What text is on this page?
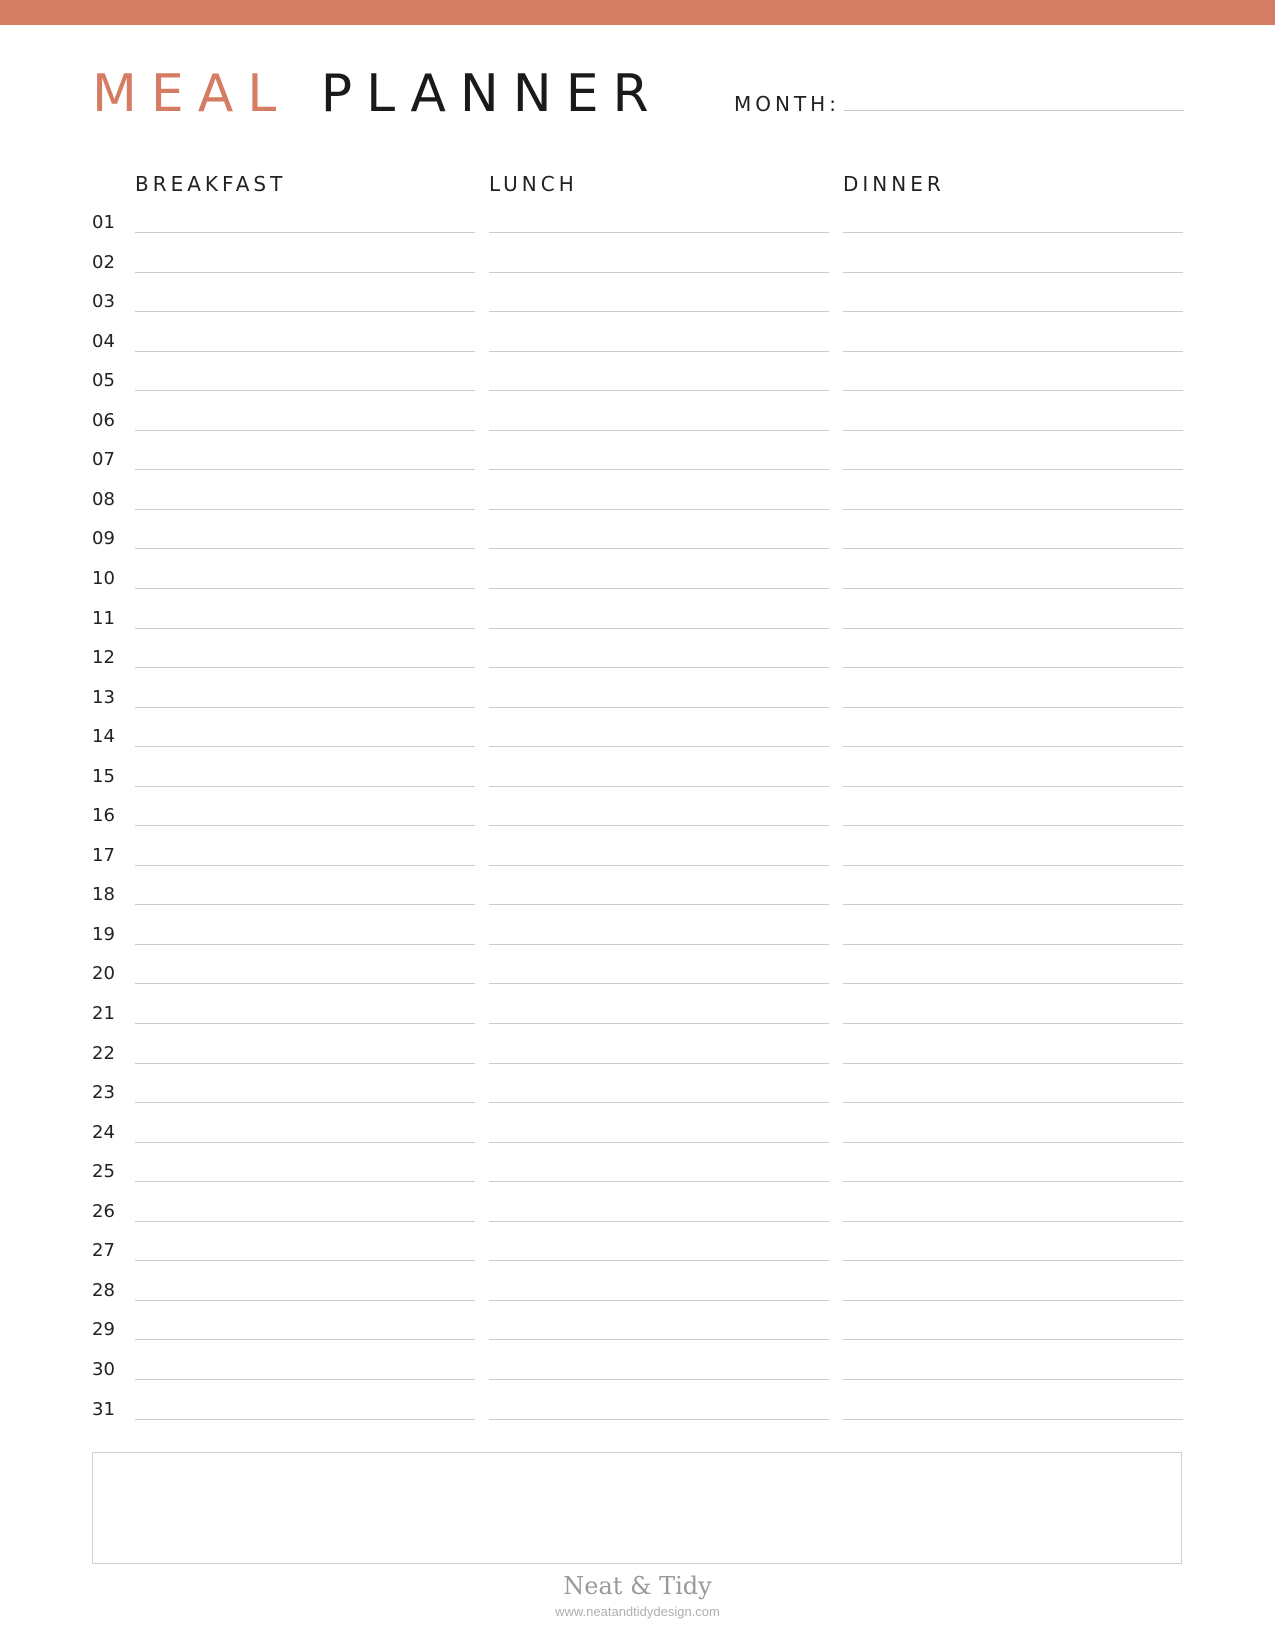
MEAL PLANNER	MONTH:
BREAKFAST	LUNCH	DINNER
01
02
03
04
05
06
07
08
09
10
11
12
13
14
15
16
17
18
19
20
21
22
23
24
25
26
27
28
29
30
31
Neat & Tidy
www.neatandtidydesign.com
